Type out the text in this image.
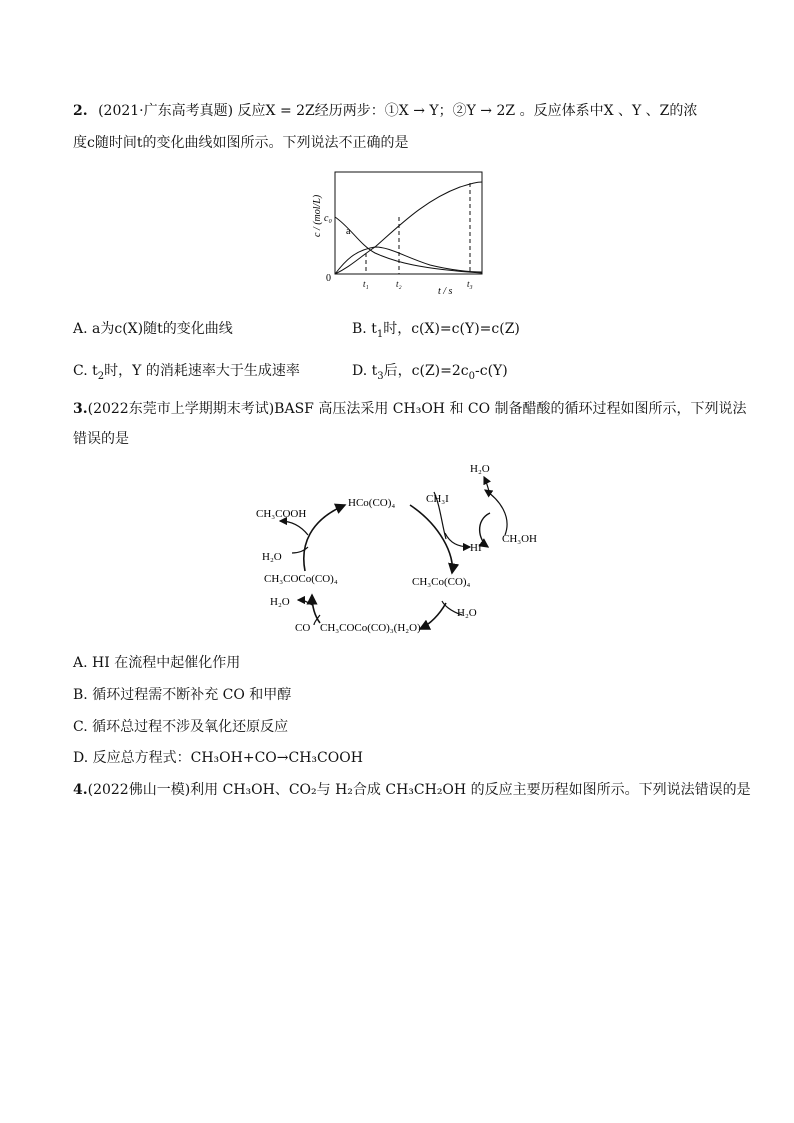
2. (2021·广东高考真题) 反应X = 2Z经历两步：①X → Y；②Y → 2Z 。反应体系中X 、Y 、Z的浓
度c随时间t的变化曲线如图所示。下列说法不正确的是
c / (mol/L) c₀
a
0	t₁	t₂
t / s
t₃
A. a为c(X)随t的变化曲线	B. $t_1$时，c(X)=c(Y)=c(Z)
C. $t_2$时，Y 的消耗速率大于生成速率	D. $t_3$后，$c(Z)=2c_0-c(Y)$
3.(2022东莞市上学期期末考试)BASF 高压法采用 CH₃OH 和 CO 制备醋酸的循环过程如图所示，下列说法
错误的是
HCo(CO)₄	CH₃I
H₂O
HI
CH₃OH
CH₃Co(CO)₄
H₂O
CH₃COCo(CO)₃(H₂O)
CO
H₂O
CH₃COCo(CO)₄
H₂O
CH₃COOH
A. HI 在流程中起催化作用
B. 循环过程需不断补充 CO 和甲醇
C. 循环总过程不涉及氧化还原反应
D. 反应总方程式：CH₃OH+CO→CH₃COOH
4.(2022佛山一模)利用 CH₃OH、CO₂与 H₂合成 CH₃CH₂OH 的反应主要历程如图所示。下列说法错误的是
